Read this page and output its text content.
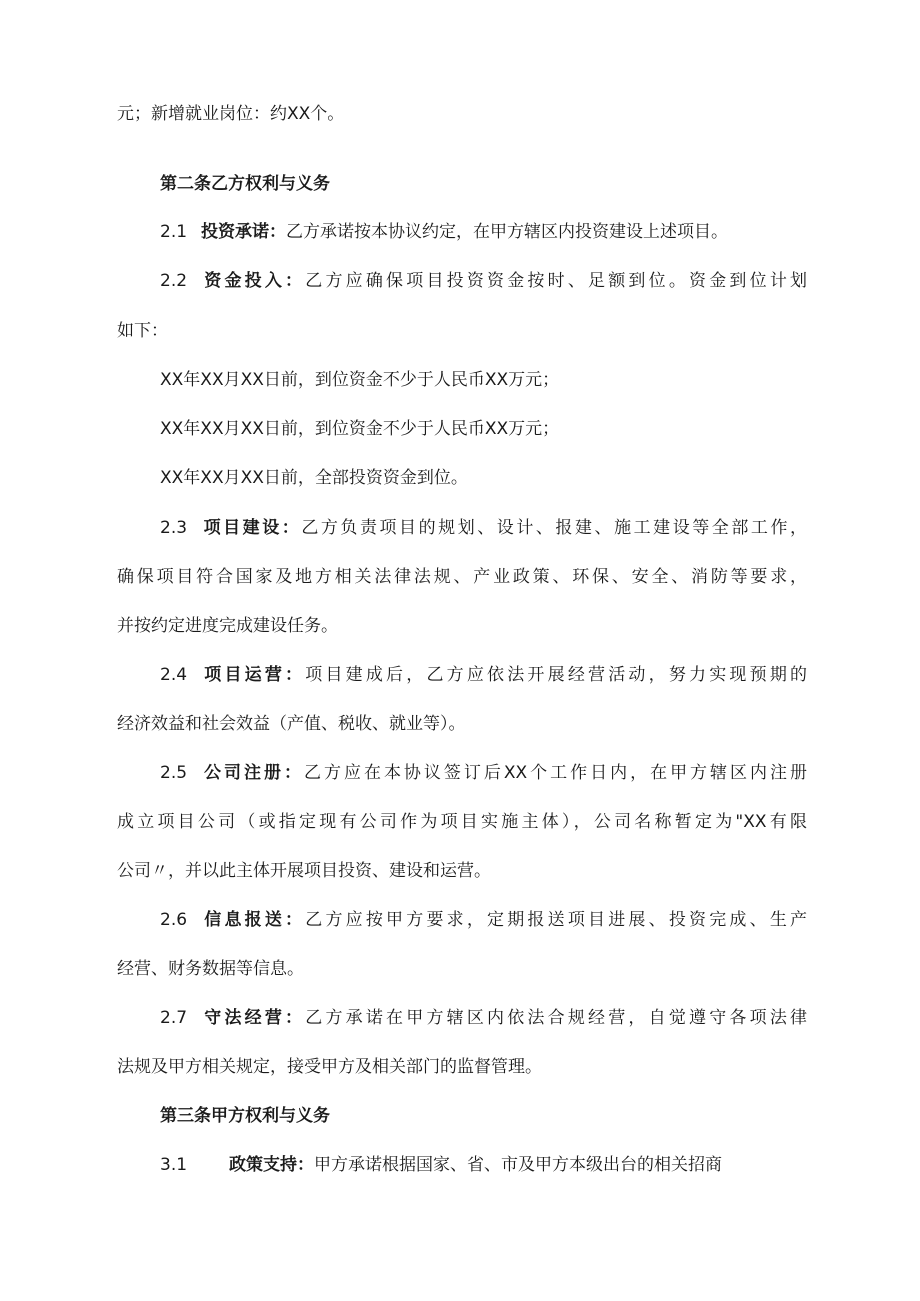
元；新增就业岗位：约XX个。

第二条乙方权利与义务

2.1 投资承诺：乙方承诺按本协议约定，在甲方辖区内投资建设上述项目。

2.2 资金投入：乙方应确保项目投资资金按时、足额到位。资金到位计划

如下：

XX年XX月XX日前，到位资金不少于人民币XX万元；

XX年XX月XX日前，到位资金不少于人民币XX万元；

XX年XX月XX日前，全部投资资金到位。

2.3 项目建设：乙方负责项目的规划、设计、报建、施工建设等全部工作，

确保项目符合国家及地方相关法律法规、产业政策、环保、安全、消防等要求，

并按约定进度完成建设任务。

2.4 项目运营：项目建成后，乙方应依法开展经营活动，努力实现预期的

经济效益和社会效益（产值、税收、就业等）。

2.5 公司注册：乙方应在本协议签订后XX个工作日内，在甲方辖区内注册

成立项目公司（或指定现有公司作为项目实施主体），公司名称暂定为"XX有限

公司〃，并以此主体开展项目投资、建设和运营。

2.6 信息报送：乙方应按甲方要求，定期报送项目进展、投资完成、生产

经营、财务数据等信息。

2.7 守法经营：乙方承诺在甲方辖区内依法合规经营，自觉遵守各项法律

法规及甲方相关规定，接受甲方及相关部门的监督管理。

第三条甲方权利与义务

3.1 政策支持：甲方承诺根据国家、省、市及甲方本级出台的相关招商
